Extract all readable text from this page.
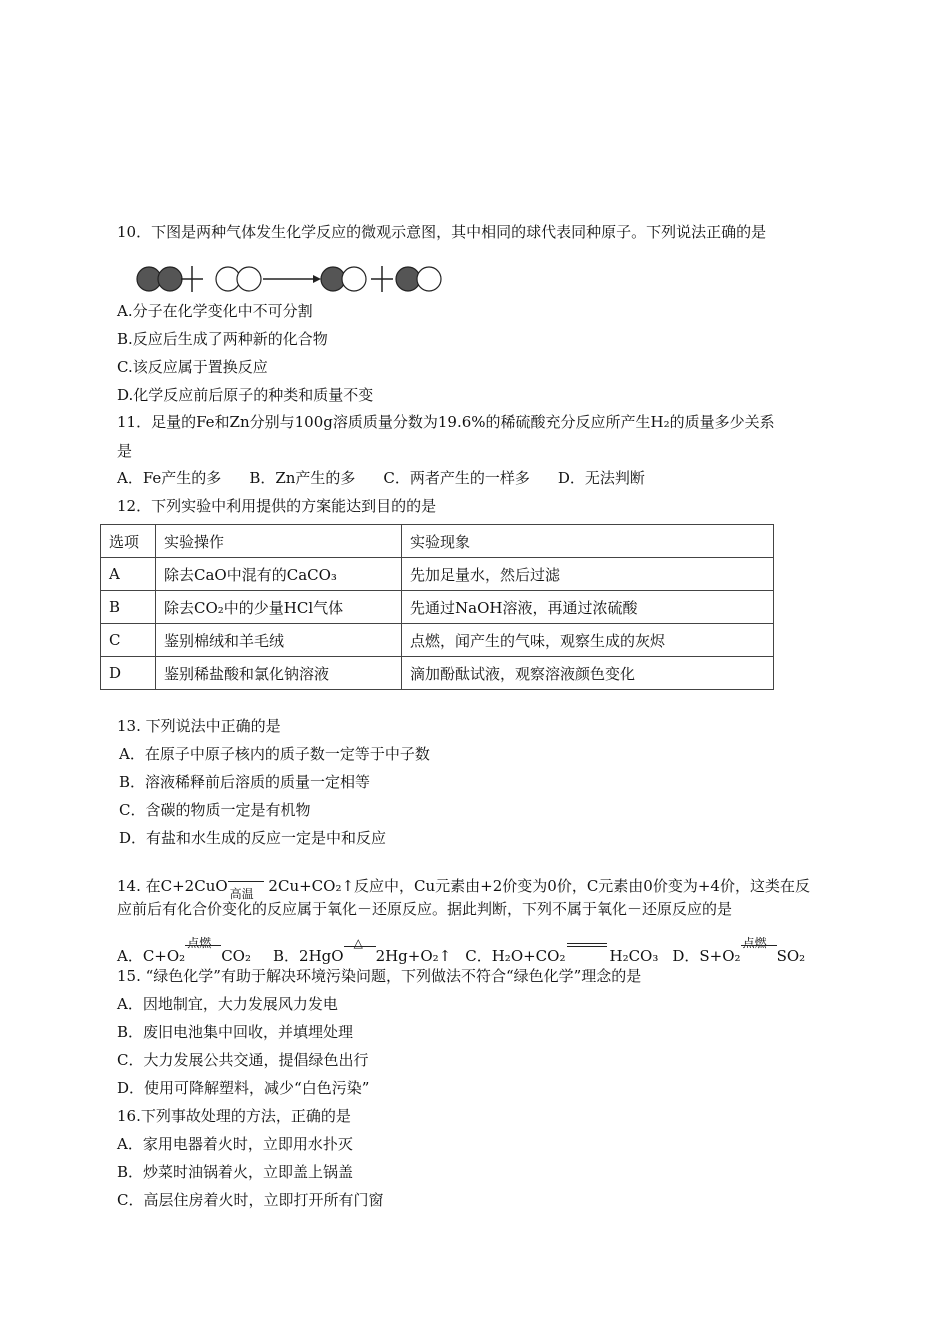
10．下图是两种气体发生化学反应的微观示意图，其中相同的球代表同种原子。下列说法正确的是
A.分子在化学变化中不可分割
B.反应后生成了两种新的化合物
C.该反应属于置换反应
D.化学反应前后原子的种类和质量不变
11．足量的Fe和Zn分别与100g溶质质量分数为19.6%的稀硫酸充分反应所产生H₂的质量多少关系
是
A．Fe产生的多 B．Zn产生的多 C．两者产生的一样多 D．无法判断
12．下列实验中利用提供的方案能达到目的的是
选项	实验操作	实验现象
A	除去CaO中混有的CaCO₃	先加足量水，然后过滤
B	除去CO₂中的少量HCl气体	先通过NaOH溶液，再通过浓硫酸
C	鉴别棉绒和羊毛绒	点燃，闻产生的气味，观察生成的灰烬
D	鉴别稀盐酸和氯化钠溶液	滴加酚酞试液，观察溶液颜色变化
13. 下列说法中正确的是
A．在原子中原子核内的质子数一定等于中子数
B．溶液稀释前后溶质的质量一定相等
C．含碳的物质一定是有机物
D．有盐和水生成的反应一定是中和反应
14. 在C+2CuO 高温 2Cu+CO₂↑反应中，Cu元素由+2价变为0价，C元素由0价变为+4价，这类在反
应前后有化合价变化的反应属于氧化－还原反应。据此判断，下列不属于氧化－还原反应的是
A．C+O₂
点燃
CO₂ B．2HgO
△
2Hg+O₂↑ C．H₂O+CO₂	H₂CO₃ D．S+O₂
点燃
SO₂
15. “绿色化学”有助于解决环境污染问题，下列做法不符合“绿色化学”理念的是
A．因地制宜，大力发展风力发电
B．废旧电池集中回收，并填埋处理
C．大力发展公共交通，提倡绿色出行
D．使用可降解塑料，减少“白色污染”
16.下列事故处理的方法，正确的是
A．家用电器着火时，立即用水扑灭
B．炒菜时油锅着火，立即盖上锅盖
C．高层住房着火时，立即打开所有门窗
